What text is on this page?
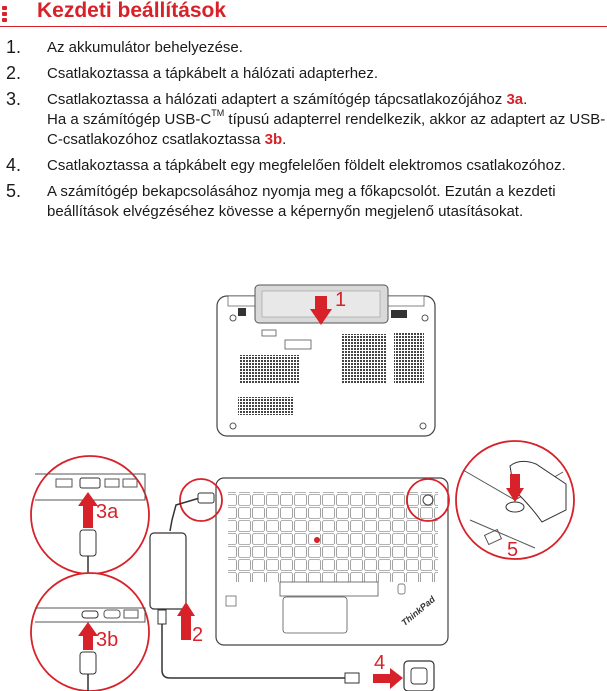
Kezdeti beállítások
1. Az akkumulátor behelyezése.
2. Csatlakoztassa a tápkábelt a hálózati adapterhez.
3. Csatlakoztassa a hálózati adaptert a számítógép tápcsatlakozójához 3a.
Ha a számítógép USB-C™ típusú adapterrel rendelkezik, akkor az adaptert az USB-C-csatlakozóhoz csatlakoztassa 3b.
4. Csatlakoztassa a tápkábelt egy megfelelően földelt elektromos csatlakozóhoz.
5. A számítógép bekapcsolásához nyomja meg a főkapcsolót. Ezután a kezdeti beállítások elvégzéséhez kövesse a képernyőn megjelenő utasításokat.
1
ThinkPad
2
4
3a
3b
5
